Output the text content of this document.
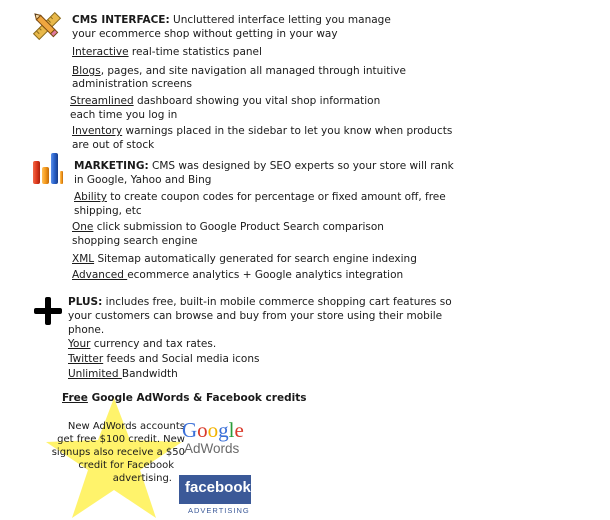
CMS INTERFACE: Uncluttered interface letting you manage
your ecommerce shop without getting in your way
Interactive real-time statistics panel
Blogs, pages, and site navigation all managed through intuitive
administration screens
Streamlined dashboard showing you vital shop information
each time you log in
Inventory warnings placed in the sidebar to let you know when products
are out of stock
MARKETING: CMS was designed by SEO experts so your store will rank
in Google, Yahoo and Bing
Ability to create coupon codes for percentage or fixed amount off, free
shipping, etc
One click submission to Google Product Search comparison
shopping search engine
XML Sitemap automatically generated for search engine indexing
Advanced ecommerce analytics + Google analytics integration
PLUS: includes free, built-in mobile commerce shopping cart features so
your customers can browse and buy from your store using their mobile
phone.
Your currency and tax rates.
Twitter feeds and Social media icons
Unlimited Bandwidth
Free Google AdWords & Facebook credits
New AdWords accounts
get free $100 credit. New
signups also receive a $50
credit for Facebook
advertising.
Google
AdWords
facebook
ADVERTISING
